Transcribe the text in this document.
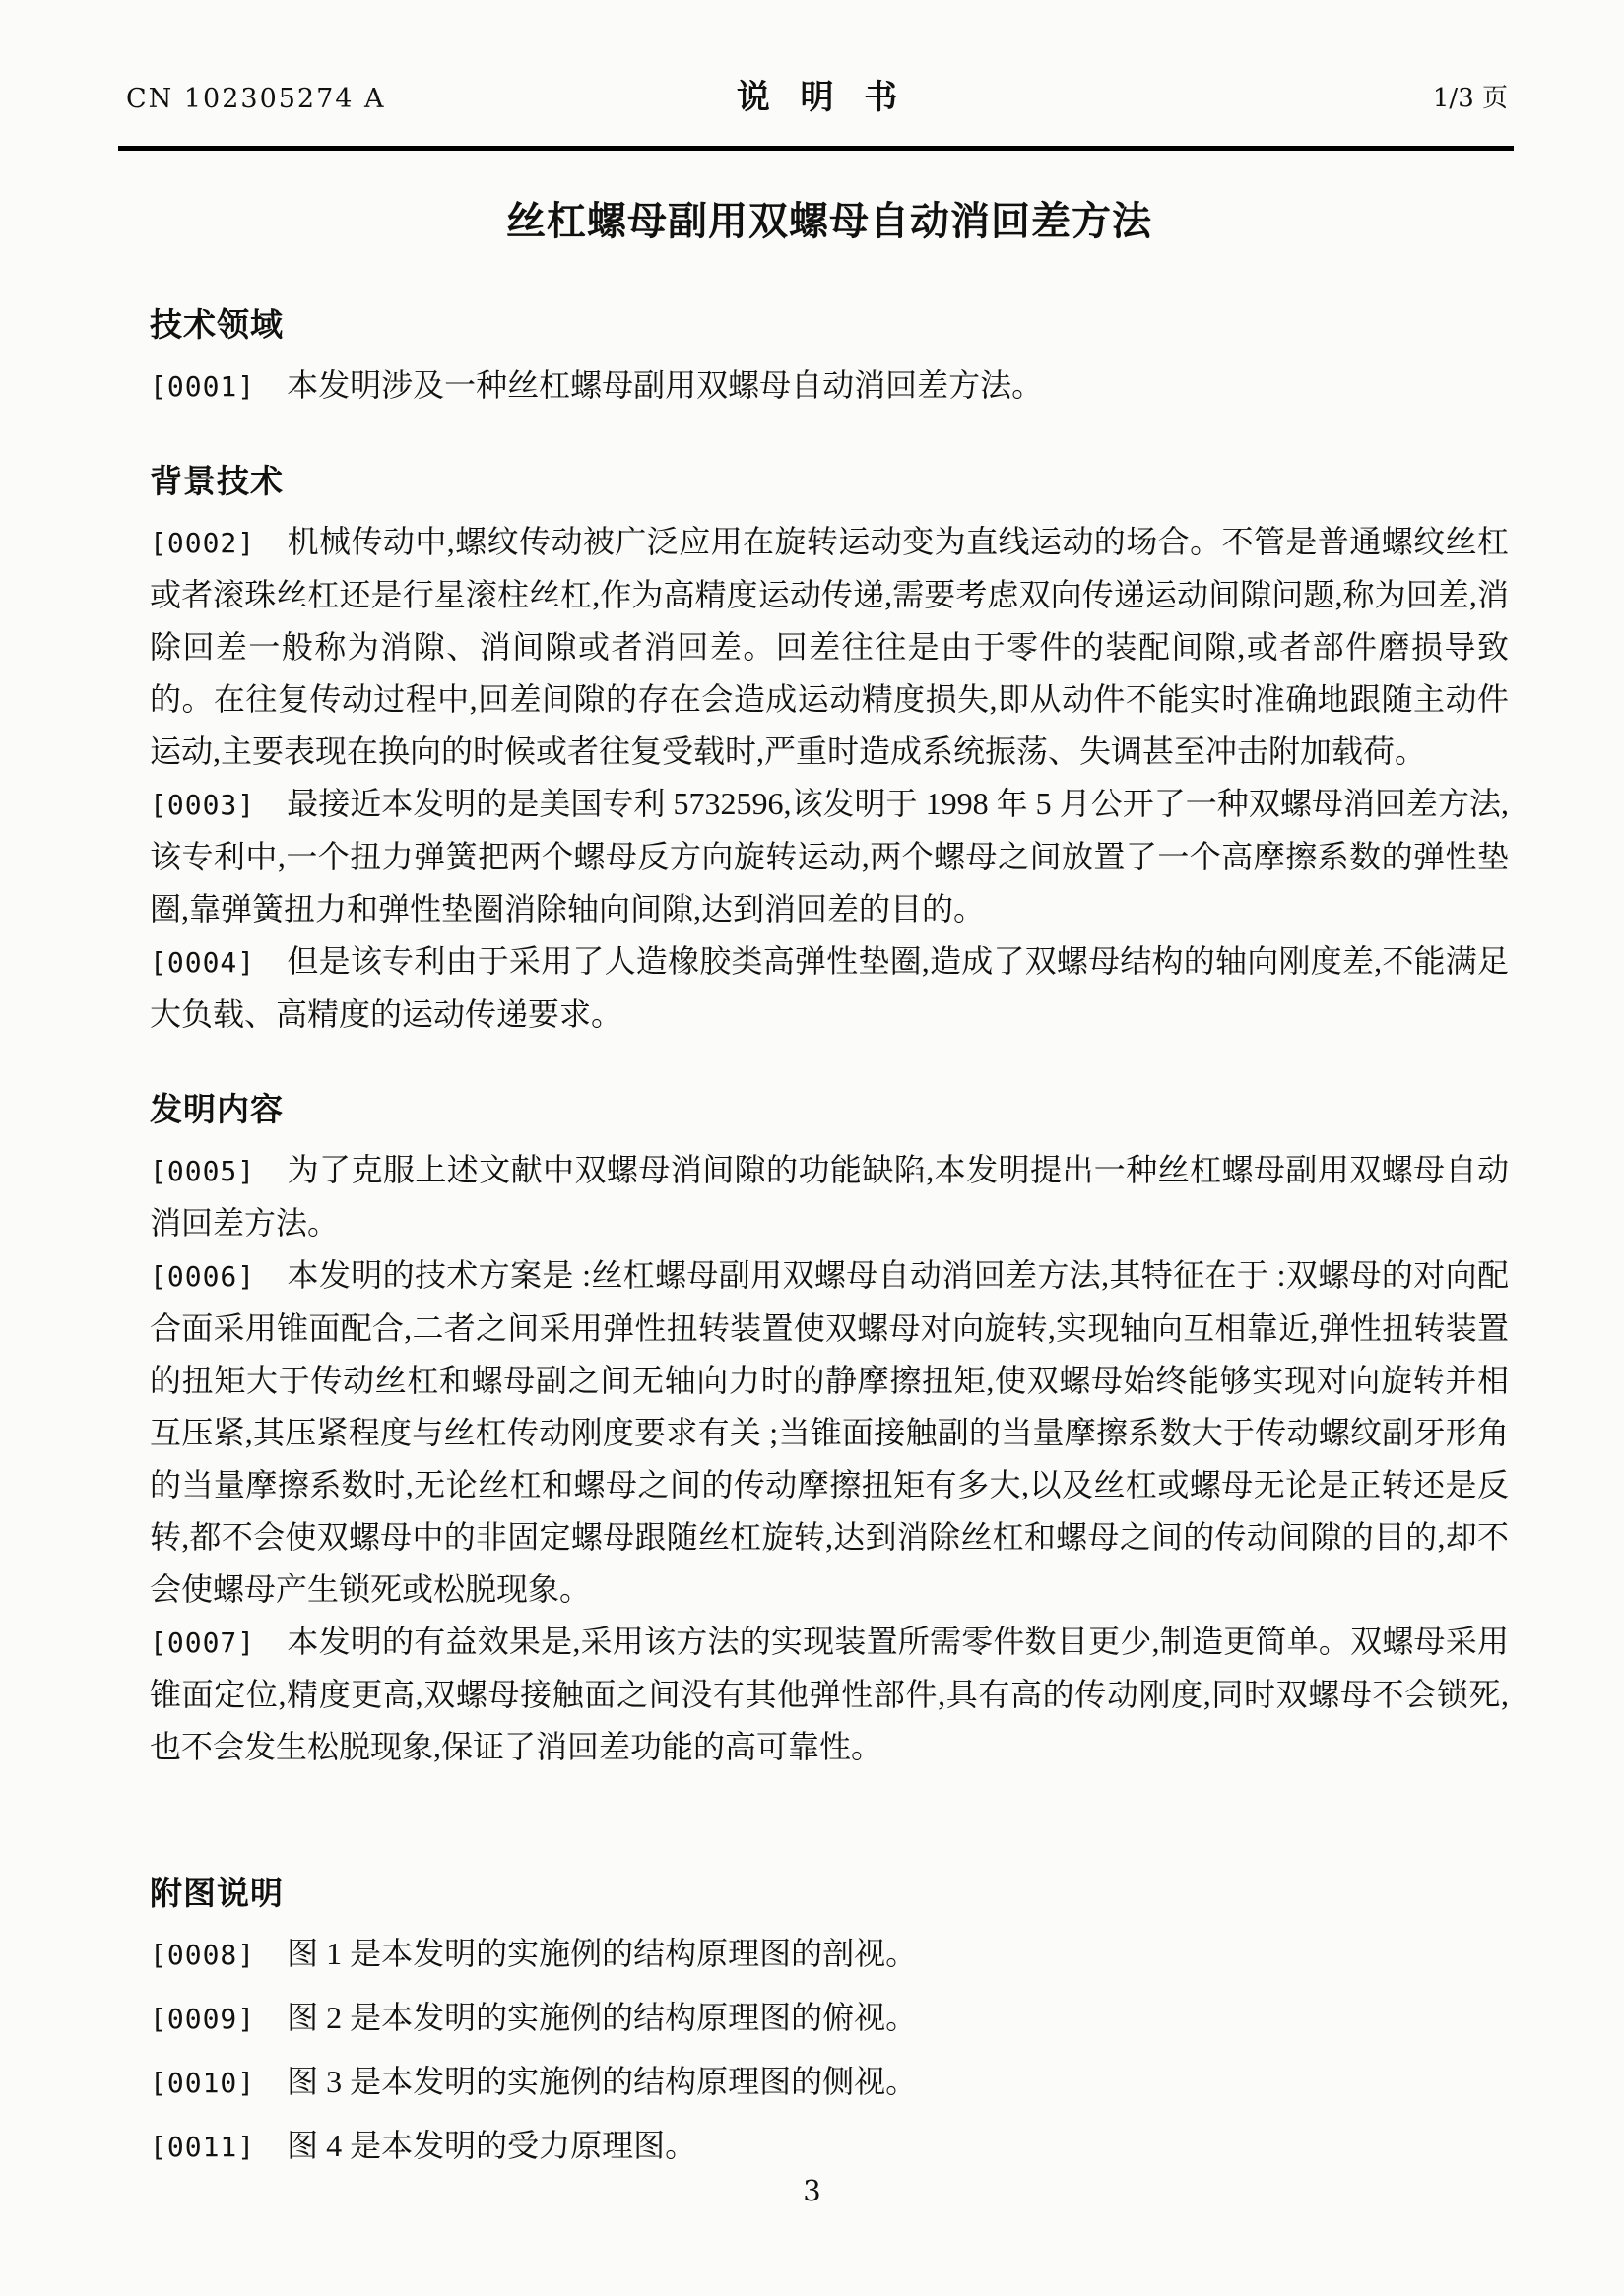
CN 102305274 A	说明书	1/3 页
丝杠螺母副用双螺母自动消回差方法
技术领域

[0001] 本发明涉及一种丝杠螺母副用双螺母自动消回差方法。

背景技术

[0002] 机械传动中,螺纹传动被广泛应用在旋转运动变为直线运动的场合。不管是普通螺纹丝杠或者滚珠丝杠还是行星滚柱丝杠,作为高精度运动传递,需要考虑双向传递运动间隙问题,称为回差,消除回差一般称为消隙、消间隙或者消回差。回差往往是由于零件的装配间隙,或者部件磨损导致的。在往复传动过程中,回差间隙的存在会造成运动精度损失,即从动件不能实时准确地跟随主动件运动,主要表现在换向的时候或者往复受载时,严重时造成系统振荡、失调甚至冲击附加载荷。

[0003] 最接近本发明的是美国专利 5732596,该发明于 1998 年 5 月公开了一种双螺母消回差方法,该专利中,一个扭力弹簧把两个螺母反方向旋转运动,两个螺母之间放置了一个高摩擦系数的弹性垫圈,靠弹簧扭力和弹性垫圈消除轴向间隙,达到消回差的目的。

[0004] 但是该专利由于采用了人造橡胶类高弹性垫圈,造成了双螺母结构的轴向刚度差,不能满足大负载、高精度的运动传递要求。

发明内容

[0005] 为了克服上述文献中双螺母消间隙的功能缺陷,本发明提出一种丝杠螺母副用双螺母自动消回差方法。

[0006] 本发明的技术方案是 :丝杠螺母副用双螺母自动消回差方法,其特征在于 :双螺母的对向配合面采用锥面配合,二者之间采用弹性扭转装置使双螺母对向旋转,实现轴向互相靠近,弹性扭转装置的扭矩大于传动丝杠和螺母副之间无轴向力时的静摩擦扭矩,使双螺母始终能够实现对向旋转并相互压紧,其压紧程度与丝杠传动刚度要求有关 ;当锥面接触副的当量摩擦系数大于传动螺纹副牙形角的当量摩擦系数时,无论丝杠和螺母之间的传动摩擦扭矩有多大,以及丝杠或螺母无论是正转还是反转,都不会使双螺母中的非固定螺母跟随丝杠旋转,达到消除丝杠和螺母之间的传动间隙的目的,却不会使螺母产生锁死或松脱现象。

[0007] 本发明的有益效果是,采用该方法的实现装置所需零件数目更少,制造更简单。双螺母采用锥面定位,精度更高,双螺母接触面之间没有其他弹性部件,具有高的传动刚度,同时双螺母不会锁死,也不会发生松脱现象,保证了消回差功能的高可靠性。

附图说明

[0008] 图 1 是本发明的实施例的结构原理图的剖视。

[0009] 图 2 是本发明的实施例的结构原理图的俯视。

[0010] 图 3 是本发明的实施例的结构原理图的侧视。

[0011] 图 4 是本发明的受力原理图。

3
